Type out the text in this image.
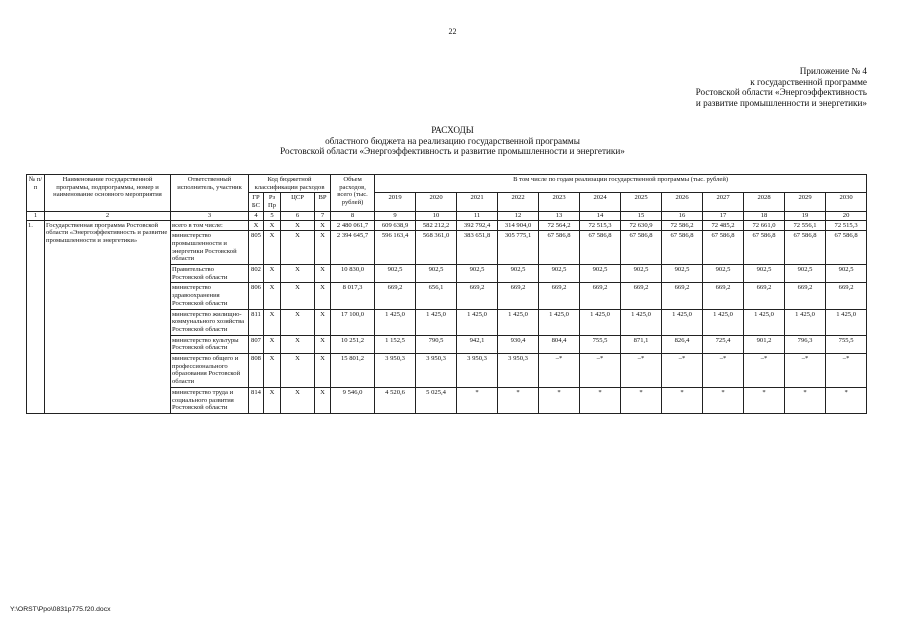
22
Приложение № 4
к государственной программе
Ростовской области «Энергоэффективность
и развитие промышленности и энергетики»
РАСХОДЫ
областного бюджета на реализацию государственной программы
Ростовской области «Энергоэффективность и развитие промышленности и энергетики»
№ п/п	Наименование государственной программы, подпрограммы, номер и наименование основного мероприятия	Ответственный исполнитель, участник	Код бюджетной классификации расходов				Объем расходов, всего (тыс. рублей)	В том числе по годам реализации государственной программы (тыс. рублей)											
			ГР БС	Рз Пр	ЦСР	ВР		2019	2020	2021	2022	2023	2024	2025	2026	2027	2028	2029	2030
1	2	3	4	5	6	7	8	9	10	11	12	13	14	15	16	17	18	19	20
1.	Государственная программа Ростовской области «Энергоэффективность и развитие промышленности и энергетики»	всего в том числе:	X	X	X	X	2 480 061,7	609 638,9	582 212,2	392 792,4	314 904,0	72 564,2	72 515,3	72 630,9	72 586,2	72 485,2	72 661,0	72 556,1	72 515,3
		министерство промышленности и энергетики Ростовской области	805	X	X	X	2 394 645,7	596 163,4	568 361,0	383 651,8	305 775,1	67 586,8	67 586,8	67 586,8	67 586,8	67 586,8	67 586,8	67 586,8	67 586,8
		Правительство Ростовской области	802	X	X	X	10 830,0	902,5	902,5	902,5	902,5	902,5	902,5	902,5	902,5	902,5	902,5	902,5	902,5
		министерство здравоохранения Ростовской области	806	X	X	X	8 017,3	669,2	656,1	669,2	669,2	669,2	669,2	669,2	669,2	669,2	669,2	669,2	669,2
		министерство жилищно-коммунального хозяйства Ростовской области	811	X	X	X	17 100,0	1 425,0	1 425,0	1 425,0	1 425,0	1 425,0	1 425,0	1 425,0	1 425,0	1 425,0	1 425,0	1 425,0	1 425,0
		министерство культуры Ростовской области	807	X	X	X	10 251,2	1 152,5	790,5	942,1	930,4	804,4	755,5	871,1	826,4	725,4	901,2	796,3	755,5
		министерство общего и профессионального образования Ростовской области	808	X	X	X	15 801,2	3 950,3	3 950,3	3 950,3	3 950,3	–*	–*	–*	–*	–*	–*	–*	–*
		министерство труда и социального развития Ростовской области	814	X	X	X	9 546,0	4 520,6	5 025,4	*	*	*	*	*	*	*	*	*	*
Y:\ORST\Ppo\0831p775.f20.docx
